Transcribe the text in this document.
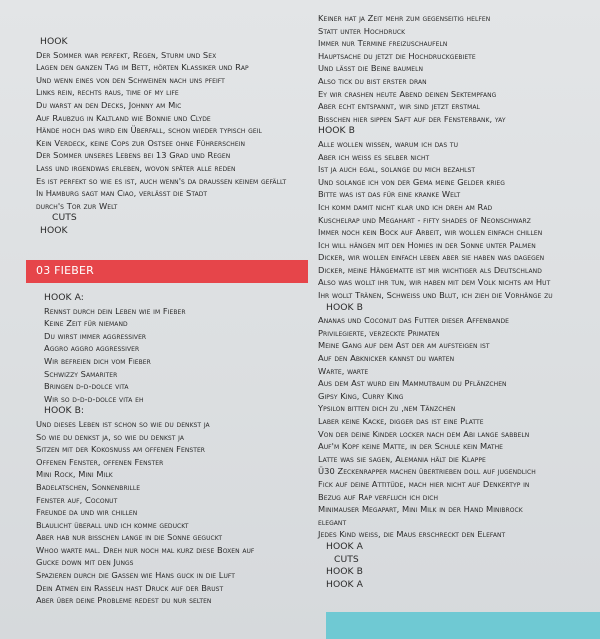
HOOK
Der Sommer war perfekt, Regen, Sturm und Sex
Lagen den ganzen Tag im Bett, hörten Klassiker und Rap
Und wenn eines von den Schweinen nach uns pfeift
Links rein, rechts raus, time of my life
Du warst an den Decks, Johnny am Mic
Auf Raubzug in Kaltland wie Bonnie und Clyde
Hände hoch das wird ein Überfall, schon wieder typisch geil
Kein Verdeck, keine Cops zur Ostsee ohne Führerschein
Der Sommer unseres Lebens bei 13 Grad und Regen
Lass und irgendwas erleben, wovon später alle reden
Es ist perfekt so wie es ist, auch wenn's da draussen keinem gefällt
In Hamburg sagt man Ciao, verlässt die Stadt
durch's Tor zur Welt
CUTS
HOOK
03 FIEBER
HOOK A:
Rennst durch dein Leben wie im Fieber
Keine Zeit für niemand
Du wirst immer aggressiver
Aggro aggro aggressiver
Wir befreien dich vom Fieber
Schwizzy Samariter
Bringen d-d-dolce vita
Wir so d-d-d-dolce vita eh
HOOK B:
Und dieses Leben ist schon so wie du denkst ja
So wie du denkst ja, so wie du denkst ja
Sitzen mit der Kokosnuss am offenen Fenster
Offenen Fenster, offenen Fenster
Mini Rock, Mini Milk
Badelatschen, Sonnenbrille
Fenster auf, Coconut
Freunde da und wir chillen
Blaulicht überall und ich komme geduckt
Aber hab nur bisschen lange in die Sonne geguckt
Whoo warte mal. Dreh nur noch mal kurz diese Boxen auf
Gucke down mit den Jungs
Spazieren durch die Gassen wie Hans guck in die Luft
Dein Atmen ein Rasseln hast Druck auf der Brust
Aber über deine Probleme redest du nur selten
Keiner hat ja Zeit mehr zum gegenseitig helfen
Statt unter Hochdruck
Immer nur Termine freizuschaufeln
Hauptsache du jetzt die Hochdruckgebiete
Und lässt die Beine baumeln
Also tick du bist erster dran
Ey wir crashen heute Abend deinen Sektempfang
Aber echt entspannt, wir sind jetzt erstmal
Bisschen hier sippen Saft auf der Fensterbank, yay
HOOK B
Alle wollen wissen, warum ich das tu
Aber ich weiss es selber nicht
Ist ja auch egal, solange du mich bezahlst
Und solange ich von der Gema meine Gelder krieg
Bitte was ist das für eine kranke Welt
Ich komm damit nicht klar und ich dreh am Rad
Kuschelrap und Megahart - fifty shades of Neonschwarz
Immer noch kein Bock auf Arbeit, wir wollen einfach chillen
Ich will hängen mit den Homies in der Sonne unter Palmen
Dicker, wir wollen einfach leben aber sie haben was dagegen
Dicker, meine Hängematte ist mir wichtiger als Deutschland
Also was wollt ihr tun, wir haben mit dem Volk nichts am Hut
Ihr wollt Tränen, Schweiss und Blut, ich zieh die Vorhänge zu
HOOK B
Ananas und Coconut das Futter dieser Affenbande
Privilegierte, verzeckte Primaten
Meine Gang auf dem Ast der am aufsteigen ist
Auf den Abknicker kannst du warten
Warte, warte
Aus dem Ast wurd ein Mammutbaum du Pflänzchen
Gipsy King, Curry King
Ypsilon bitten dich zu ,nem Tänzchen
Laber keine Kacke, digger das ist eine Platte
Von der deine Kinder locker nach dem Abi lange sabbeln
Auf'm Kopf keine Matte, in der Schule kein Mathe
Latte was sie sagen, Alemania hält die Klappe
Ü30 Zeckenrapper machen übertrieben doll auf jugendlich
Fick auf deine Attitüde, mach hier nicht auf Denkertyp in
Bezug auf Rap verfluch ich dich
Minimauser Megapart, Mini Milk in der Hand Minibrock
elegant
Jedes Kind weiss, die Maus erschreckt den Elefant
HOOK A
CUTS
HOOK B
HOOK A
